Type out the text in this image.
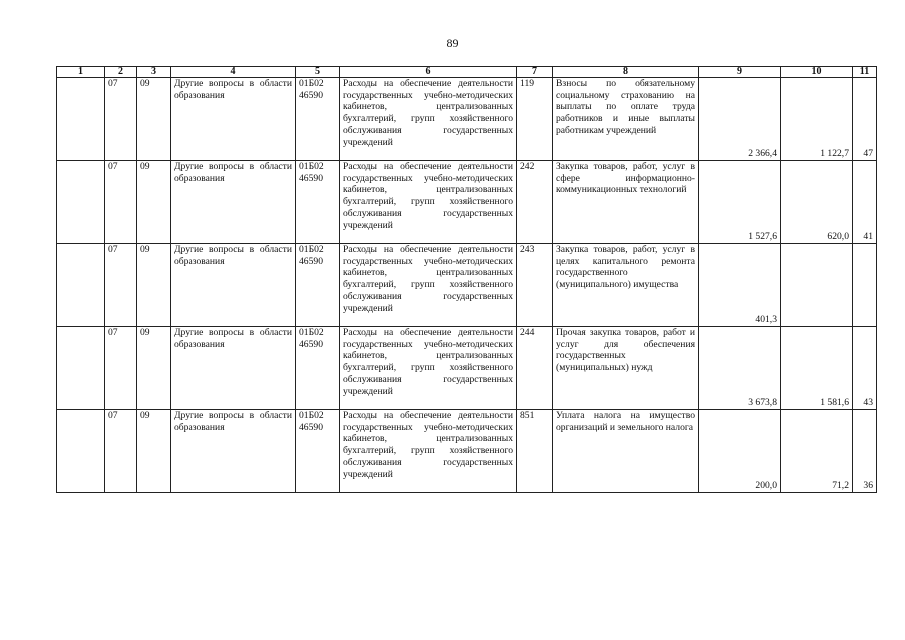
89
1	2	3	4	5	6	7	8	9	10	11
	07	09	Другие вопросы в области образования	01Б02 46590	Расходы на обеспечение деятельности государственных учебно-методических кабинетов, централизованных бухгалтерий, групп хозяйственного обслуживания государственных учреждений	119	Взносы по обязательному социальному страхованию на выплаты по оплате труда работников и иные выплаты работникам учреждений	2 366,4	1 122,7	47
	07	09	Другие вопросы в области образования	01Б02 46590	Расходы на обеспечение деятельности государственных учебно-методических кабинетов, централизованных бухгалтерий, групп хозяйственного обслуживания государственных учреждений	242	Закупка товаров, работ, услуг в сфере информационно-коммуникационных технологий	1 527,6	620,0	41
	07	09	Другие вопросы в области образования	01Б02 46590	Расходы на обеспечение деятельности государственных учебно-методических кабинетов, централизованных бухгалтерий, групп хозяйственного обслуживания государственных учреждений	243	Закупка товаров, работ, услуг в целях капитального ремонта государственного (муниципального) имущества	401,3		
	07	09	Другие вопросы в области образования	01Б02 46590	Расходы на обеспечение деятельности государственных учебно-методических кабинетов, централизованных бухгалтерий, групп хозяйственного обслуживания государственных учреждений	244	Прочая закупка товаров, работ и услуг для обеспечения государственных (муниципальных) нужд	3 673,8	1 581,6	43
	07	09	Другие вопросы в области образования	01Б02 46590	Расходы на обеспечение деятельности государственных учебно-методических кабинетов, централизованных бухгалтерий, групп хозяйственного обслуживания государственных учреждений	851	Уплата налога на имущество организаций и земельного налога	200,0	71,2	36
